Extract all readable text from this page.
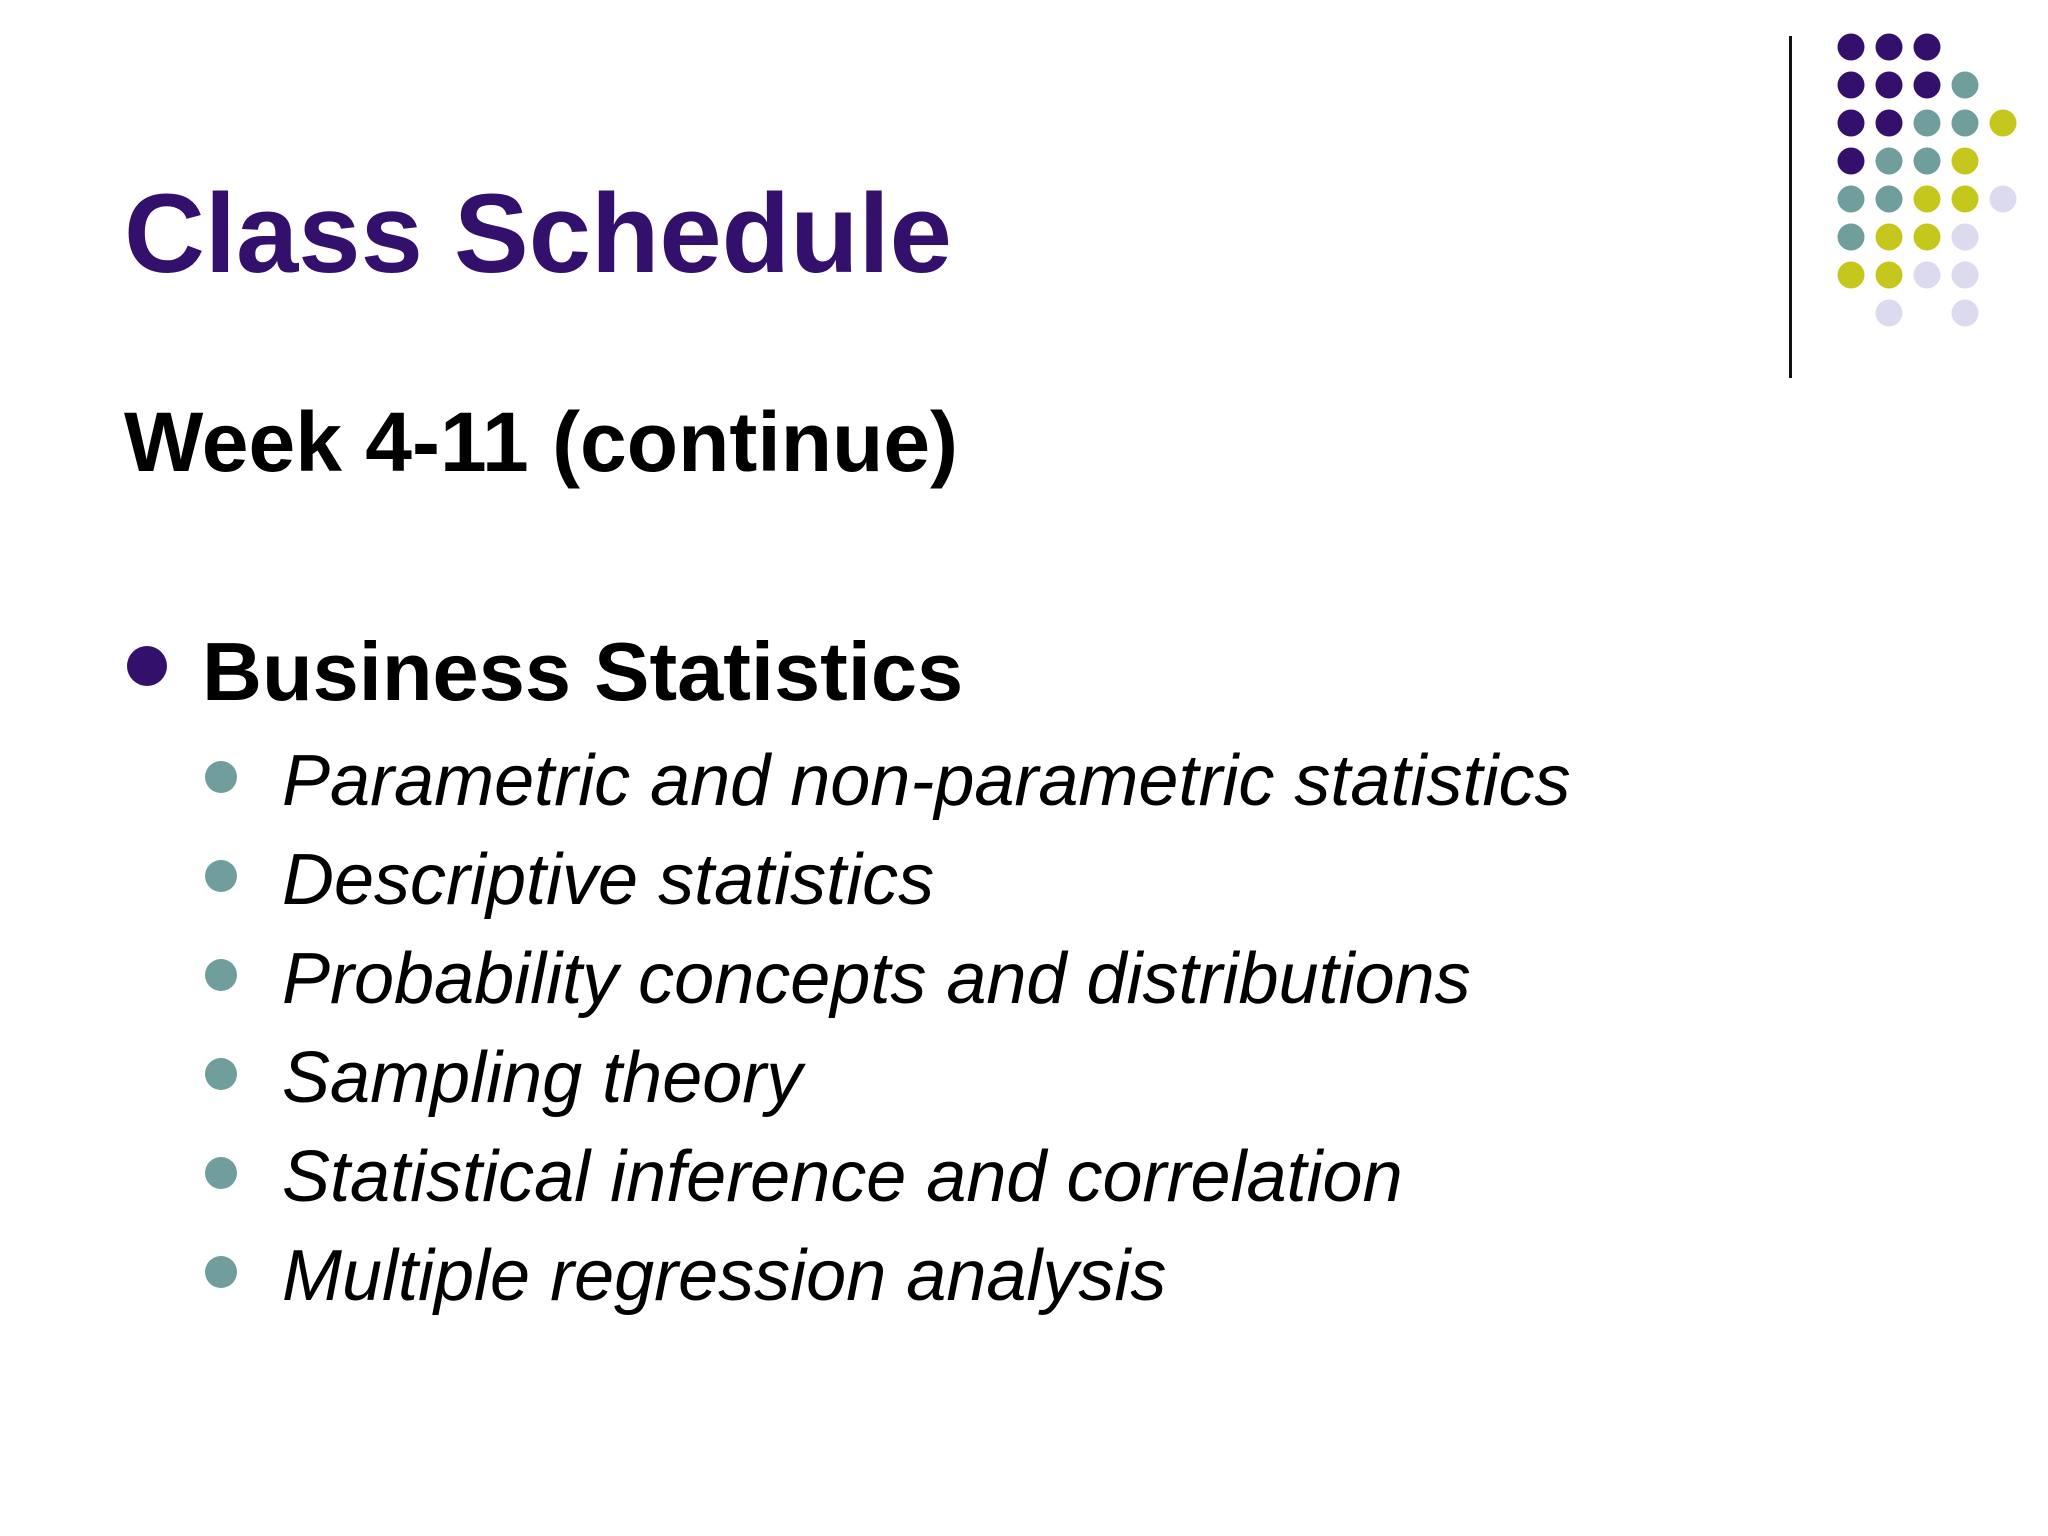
Class Schedule
Week 4-11 (continue)
Business Statistics
Parametric and non-parametric statistics
Descriptive statistics
Probability concepts and distributions
Sampling theory
Statistical inference and correlation
Multiple regression analysis
